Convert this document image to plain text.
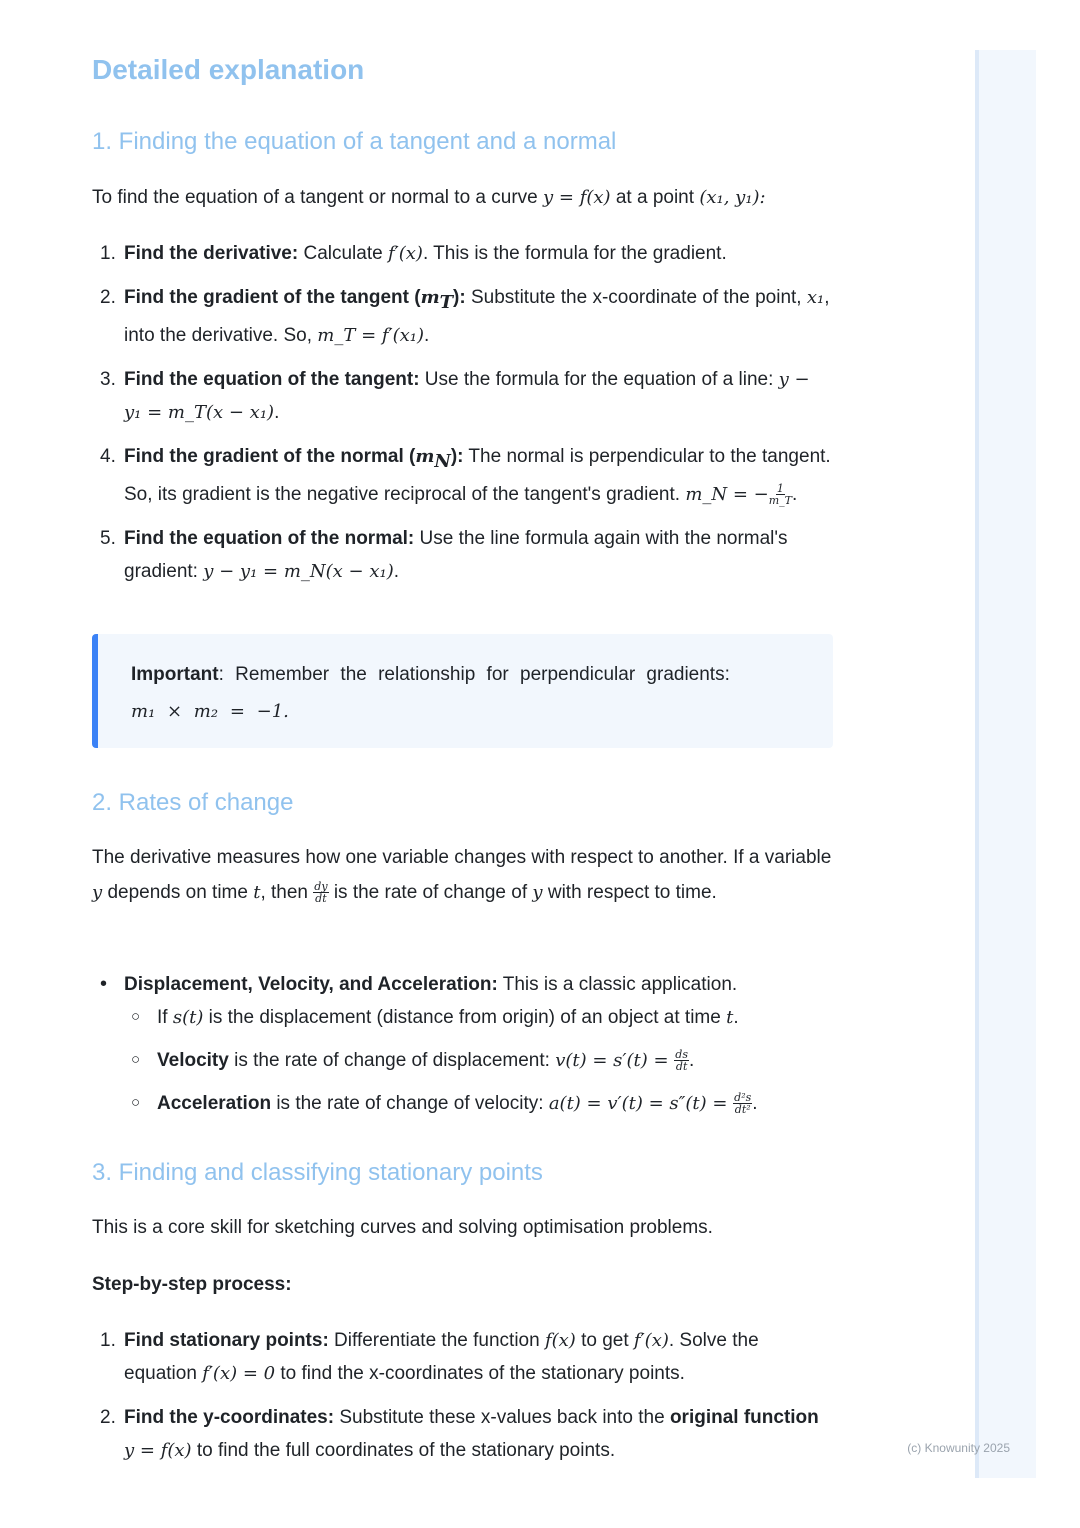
(c) Knowunity 2025
Detailed explanation
1. Finding the equation of a tangent and a normal

To find the equation of a tangent or normal to a curve y = f(x) at a point (x₁, y₁):

1. Find the derivative: Calculate f′(x). This is the formula for the gradient.
2. Find the gradient of the tangent $(m_T)$: Substitute the x-coordinate of the point, x₁, into the derivative. So, m_T = f′(x₁).
3. Find the equation of the tangent: Use the formula for the equation of a line: y − y₁ = m_T(x − x₁).
4. Find the gradient of the normal $(m_N)$: The normal is perpendicular to the tangent. So, its gradient is the negative reciprocal of the tangent's gradient. m_N = − $\frac{1}{m\_T}$ .
5. Find the equation of the normal: Use the line formula again with the normal's gradient: y − y₁ = m_N(x − x₁).
Important: Remember the relationship for perpendicular gradients:
m₁ × m₂ = −1.
2. Rates of change

The derivative measures how one variable changes with respect to another. If a variable y depends on time t, then $\frac{dy}{dt}$ is the rate of change of y with respect to time.

• Displacement, Velocity, and Acceleration: This is a classic application.
○ If s(t) is the displacement (distance from origin) of an object at time t.
○ Velocity is the rate of change of displacement: $v(t) = s'(t) = \frac{ds}{dt}$ .
○ Acceleration is the rate of change of velocity: $a(t) = v'(t) = s''(t) = \frac{\text{d²s}}{\text{dt²}}$ .
3. Finding and classifying stationary points

This is a core skill for sketching curves and solving optimisation problems.

Step-by-step process:
1. Find stationary points: Differentiate the function f(x) to get f′(x). Solve the equation f′(x) = 0 to find the x-coordinates of the stationary points.
2. Find the y-coordinates: Substitute these x-values back into the original function y = f(x) to find the full coordinates of the stationary points.
